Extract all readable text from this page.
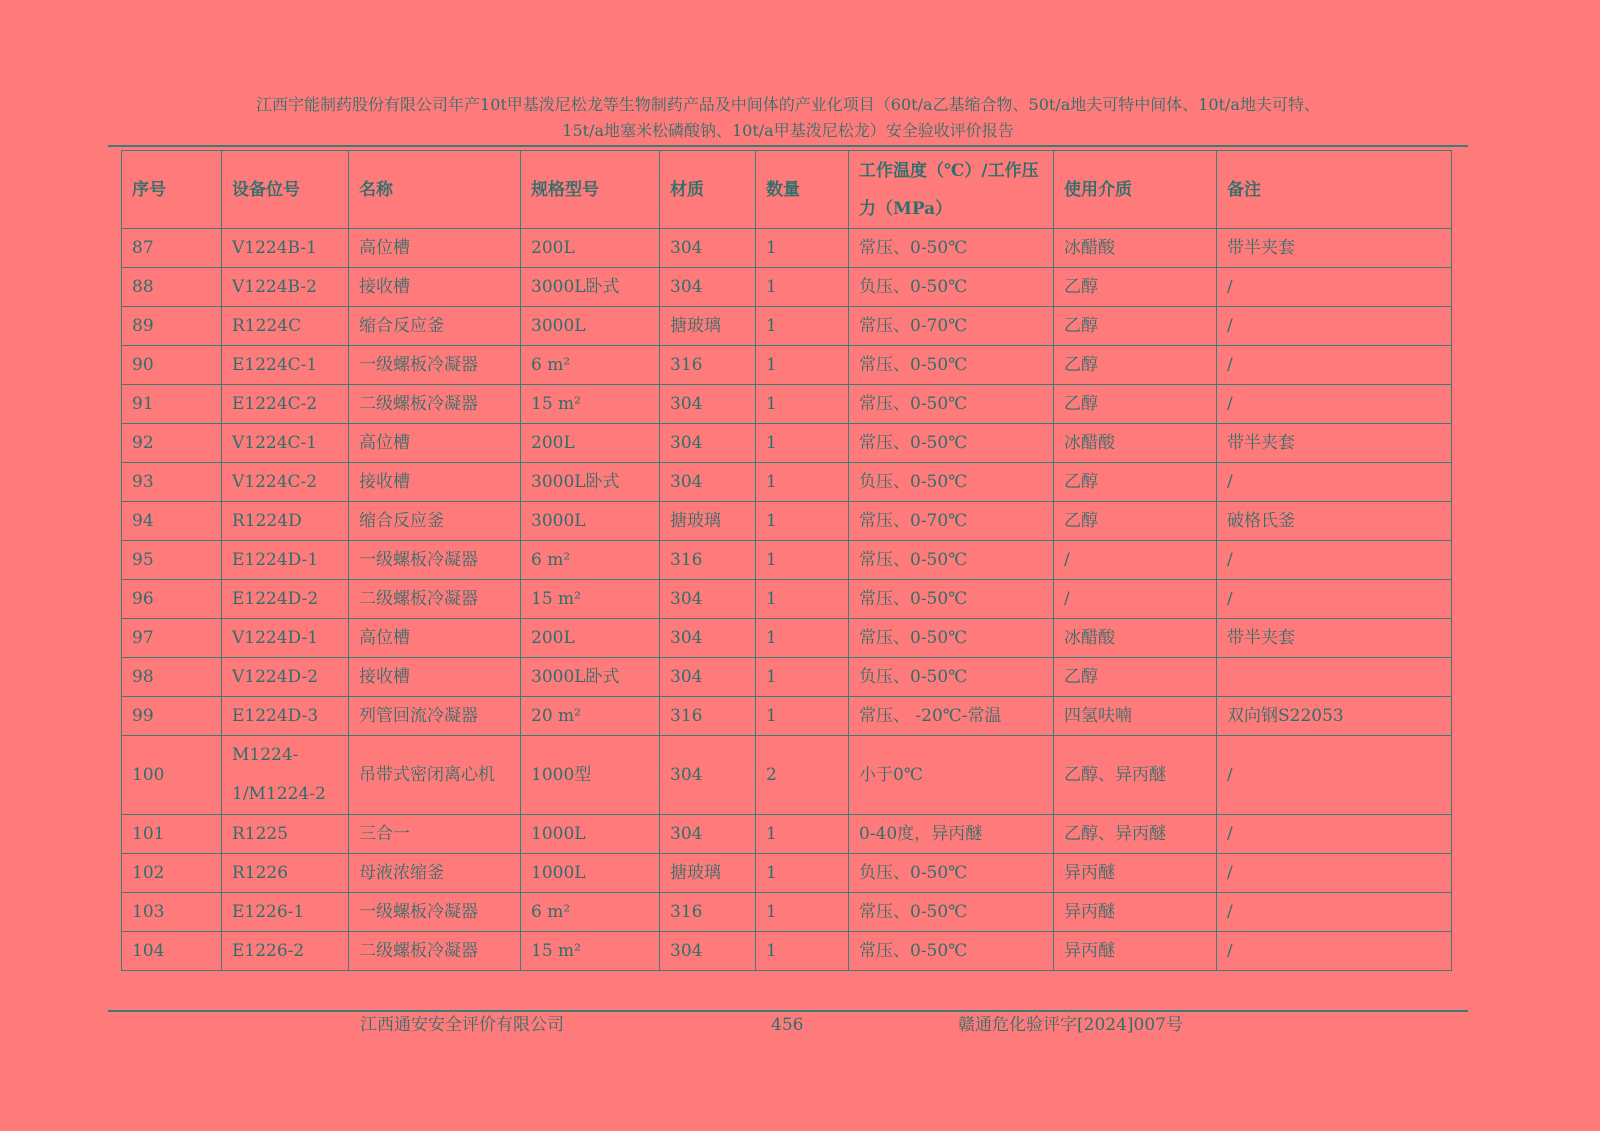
江西宇能制药股份有限公司年产10t甲基泼尼松龙等生物制药产品及中间体的产业化项目（60t/a乙基缩合物、50t/a地夫可特中间体、10t/a地夫可特、
15t/a地塞米松磷酸钠、10t/a甲基泼尼松龙）安全验收评价报告
序号	设备位号	名称	规格型号	材质	数量	工作温度（℃）/工作压力（MPa）	使用介质	备注
87	V1224B-1	高位槽	200L	304	1	常压、0-50℃	冰醋酸	带半夹套
88	V1224B-2	接收槽	3000L卧式	304	1	负压、0-50℃	乙醇	/
89	R1224C	缩合反应釜	3000L	搪玻璃	1	常压、0-70℃	乙醇	/
90	E1224C-1	一级螺板冷凝器	6 m²	316	1	常压、0-50℃	乙醇	/
91	E1224C-2	二级螺板冷凝器	15 m²	304	1	常压、0-50℃	乙醇	/
92	V1224C-1	高位槽	200L	304	1	常压、0-50℃	冰醋酸	带半夹套
93	V1224C-2	接收槽	3000L卧式	304	1	负压、0-50℃	乙醇	/
94	R1224D	缩合反应釜	3000L	搪玻璃	1	常压、0-70℃	乙醇	破格氏釜
95	E1224D-1	一级螺板冷凝器	6 m²	316	1	常压、0-50℃	/	/
96	E1224D-2	二级螺板冷凝器	15 m²	304	1	常压、0-50℃	/	/
97	V1224D-1	高位槽	200L	304	1	常压、0-50℃	冰醋酸	带半夹套
98	V1224D-2	接收槽	3000L卧式	304	1	负压、0-50℃	乙醇	
99	E1224D-3	列管回流冷凝器	20 m²	316	1	常压、 -20℃-常温	四氢呋喃	双向钢S22053
100	M1224-1/M1224-2	吊带式密闭离心机	1000型	304	2	小于0℃	乙醇、异丙醚	/
101	R1225	三合一	1000L	304	1	0-40度，异丙醚	乙醇、异丙醚	/
102	R1226	母液浓缩釜	1000L	搪玻璃	1	负压、0-50℃	异丙醚	/
103	E1226-1	一级螺板冷凝器	6 m²	316	1	常压、0-50℃	异丙醚	/
104	E1226-2	二级螺板冷凝器	15 m²	304	1	常压、0-50℃	异丙醚	/
江西通安安全评价有限公司	456	赣通危化验评字[2024]007号
